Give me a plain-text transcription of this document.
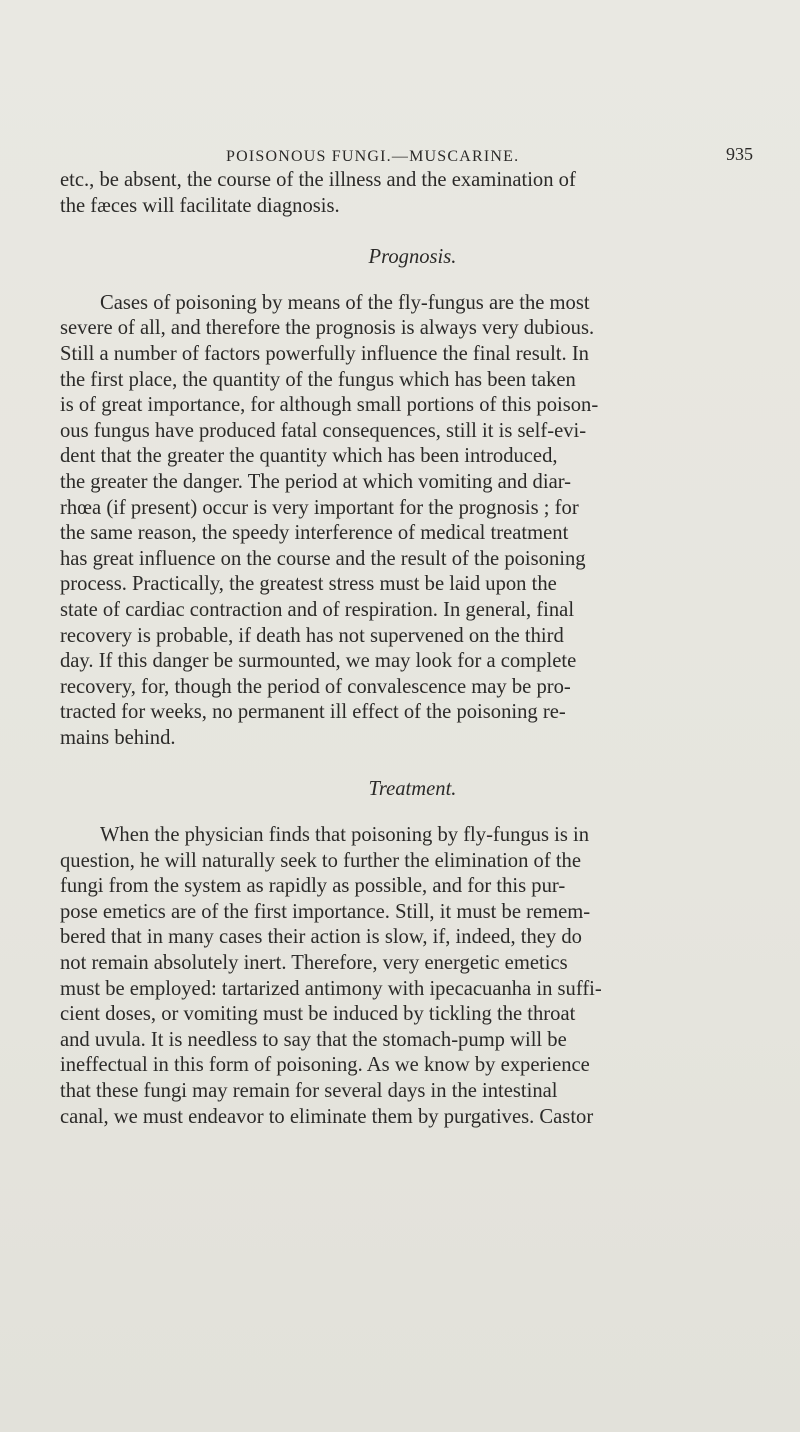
POISONOUS FUNGI.—MUSCARINE.	935
etc., be absent, the course of the illness and the examination of
the fæces will facilitate diagnosis.
Prognosis.
Cases of poisoning by means of the fly-fungus are the most
severe of all, and therefore the prognosis is always very dubious.
Still a number of factors powerfully influence the final result. In
the first place, the quantity of the fungus which has been taken
is of great importance, for although small portions of this poison-
ous fungus have produced fatal consequences, still it is self-evi-
dent that the greater the quantity which has been introduced,
the greater the danger. The period at which vomiting and diar-
rhœa (if present) occur is very important for the prognosis ; for
the same reason, the speedy interference of medical treatment
has great influence on the course and the result of the poisoning
process. Practically, the greatest stress must be laid upon the
state of cardiac contraction and of respiration. In general, final
recovery is probable, if death has not supervened on the third
day. If this danger be surmounted, we may look for a complete
recovery, for, though the period of convalescence may be pro-
tracted for weeks, no permanent ill effect of the poisoning re-
mains behind.
Treatment.
When the physician finds that poisoning by fly-fungus is in
question, he will naturally seek to further the elimination of the
fungi from the system as rapidly as possible, and for this pur-
pose emetics are of the first importance. Still, it must be remem-
bered that in many cases their action is slow, if, indeed, they do
not remain absolutely inert. Therefore, very energetic emetics
must be employed: tartarized antimony with ipecacuanha in suffi-
cient doses, or vomiting must be induced by tickling the throat
and uvula. It is needless to say that the stomach-pump will be
ineffectual in this form of poisoning. As we know by experience
that these fungi may remain for several days in the intestinal
canal, we must endeavor to eliminate them by purgatives. Castor
